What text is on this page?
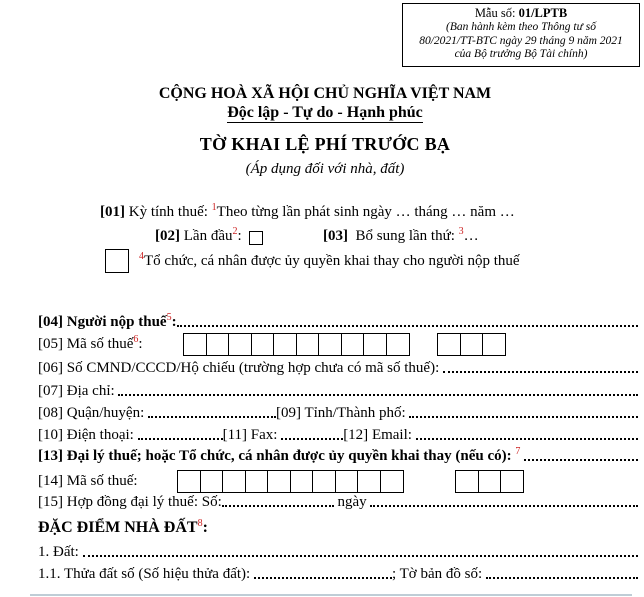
Mẫu số: 01/LPTB
(Ban hành kèm theo Thông tư số
80/2021/TT-BTC ngày 29 tháng 9 năm 2021
của Bộ trưởng Bộ Tài chính)
CỘNG HOÀ XÃ HỘI CHỦ NGHĨA VIỆT NAM
Độc lập - Tự do - Hạnh phúc
TỜ KHAI LỆ PHÍ TRƯỚC BẠ
(Áp dụng đối với nhà, đất)
[01] Kỳ tính thuế: 1 Theo từng lần phát sinh ngày … tháng … năm …
[02] Lần đầu 2 :	[03] Bổ sung lần thứ: 3 …
$^4$Tổ chức, cá nhân được ủy quyền khai thay cho người nộp thuế
[04] Người nộp thuế 5 :
[05] Mã số thuế 6 :
[06] Số CMND/CCCD/Hộ chiếu (trường hợp chưa có mã số thuế):
[07] Địa chỉ:
[08] Quận/huyện:	[09] Tỉnh/Thành phố:
[10] Điện thoại:	[11] Fax:	[12] Email:
[13] Đại lý thuế; hoặc Tổ chức, cá nhân được ủy quyền khai thay (nếu có): 7

[14] Mã số thuế:
[15] Hợp đồng đại lý thuế: Số:	ngày
ĐẶC ĐIỂM NHÀ ĐẤT 8 :
1. Đất:
1.1. Thửa đất số (Số hiệu thửa đất):	; Tờ bản đồ số:
